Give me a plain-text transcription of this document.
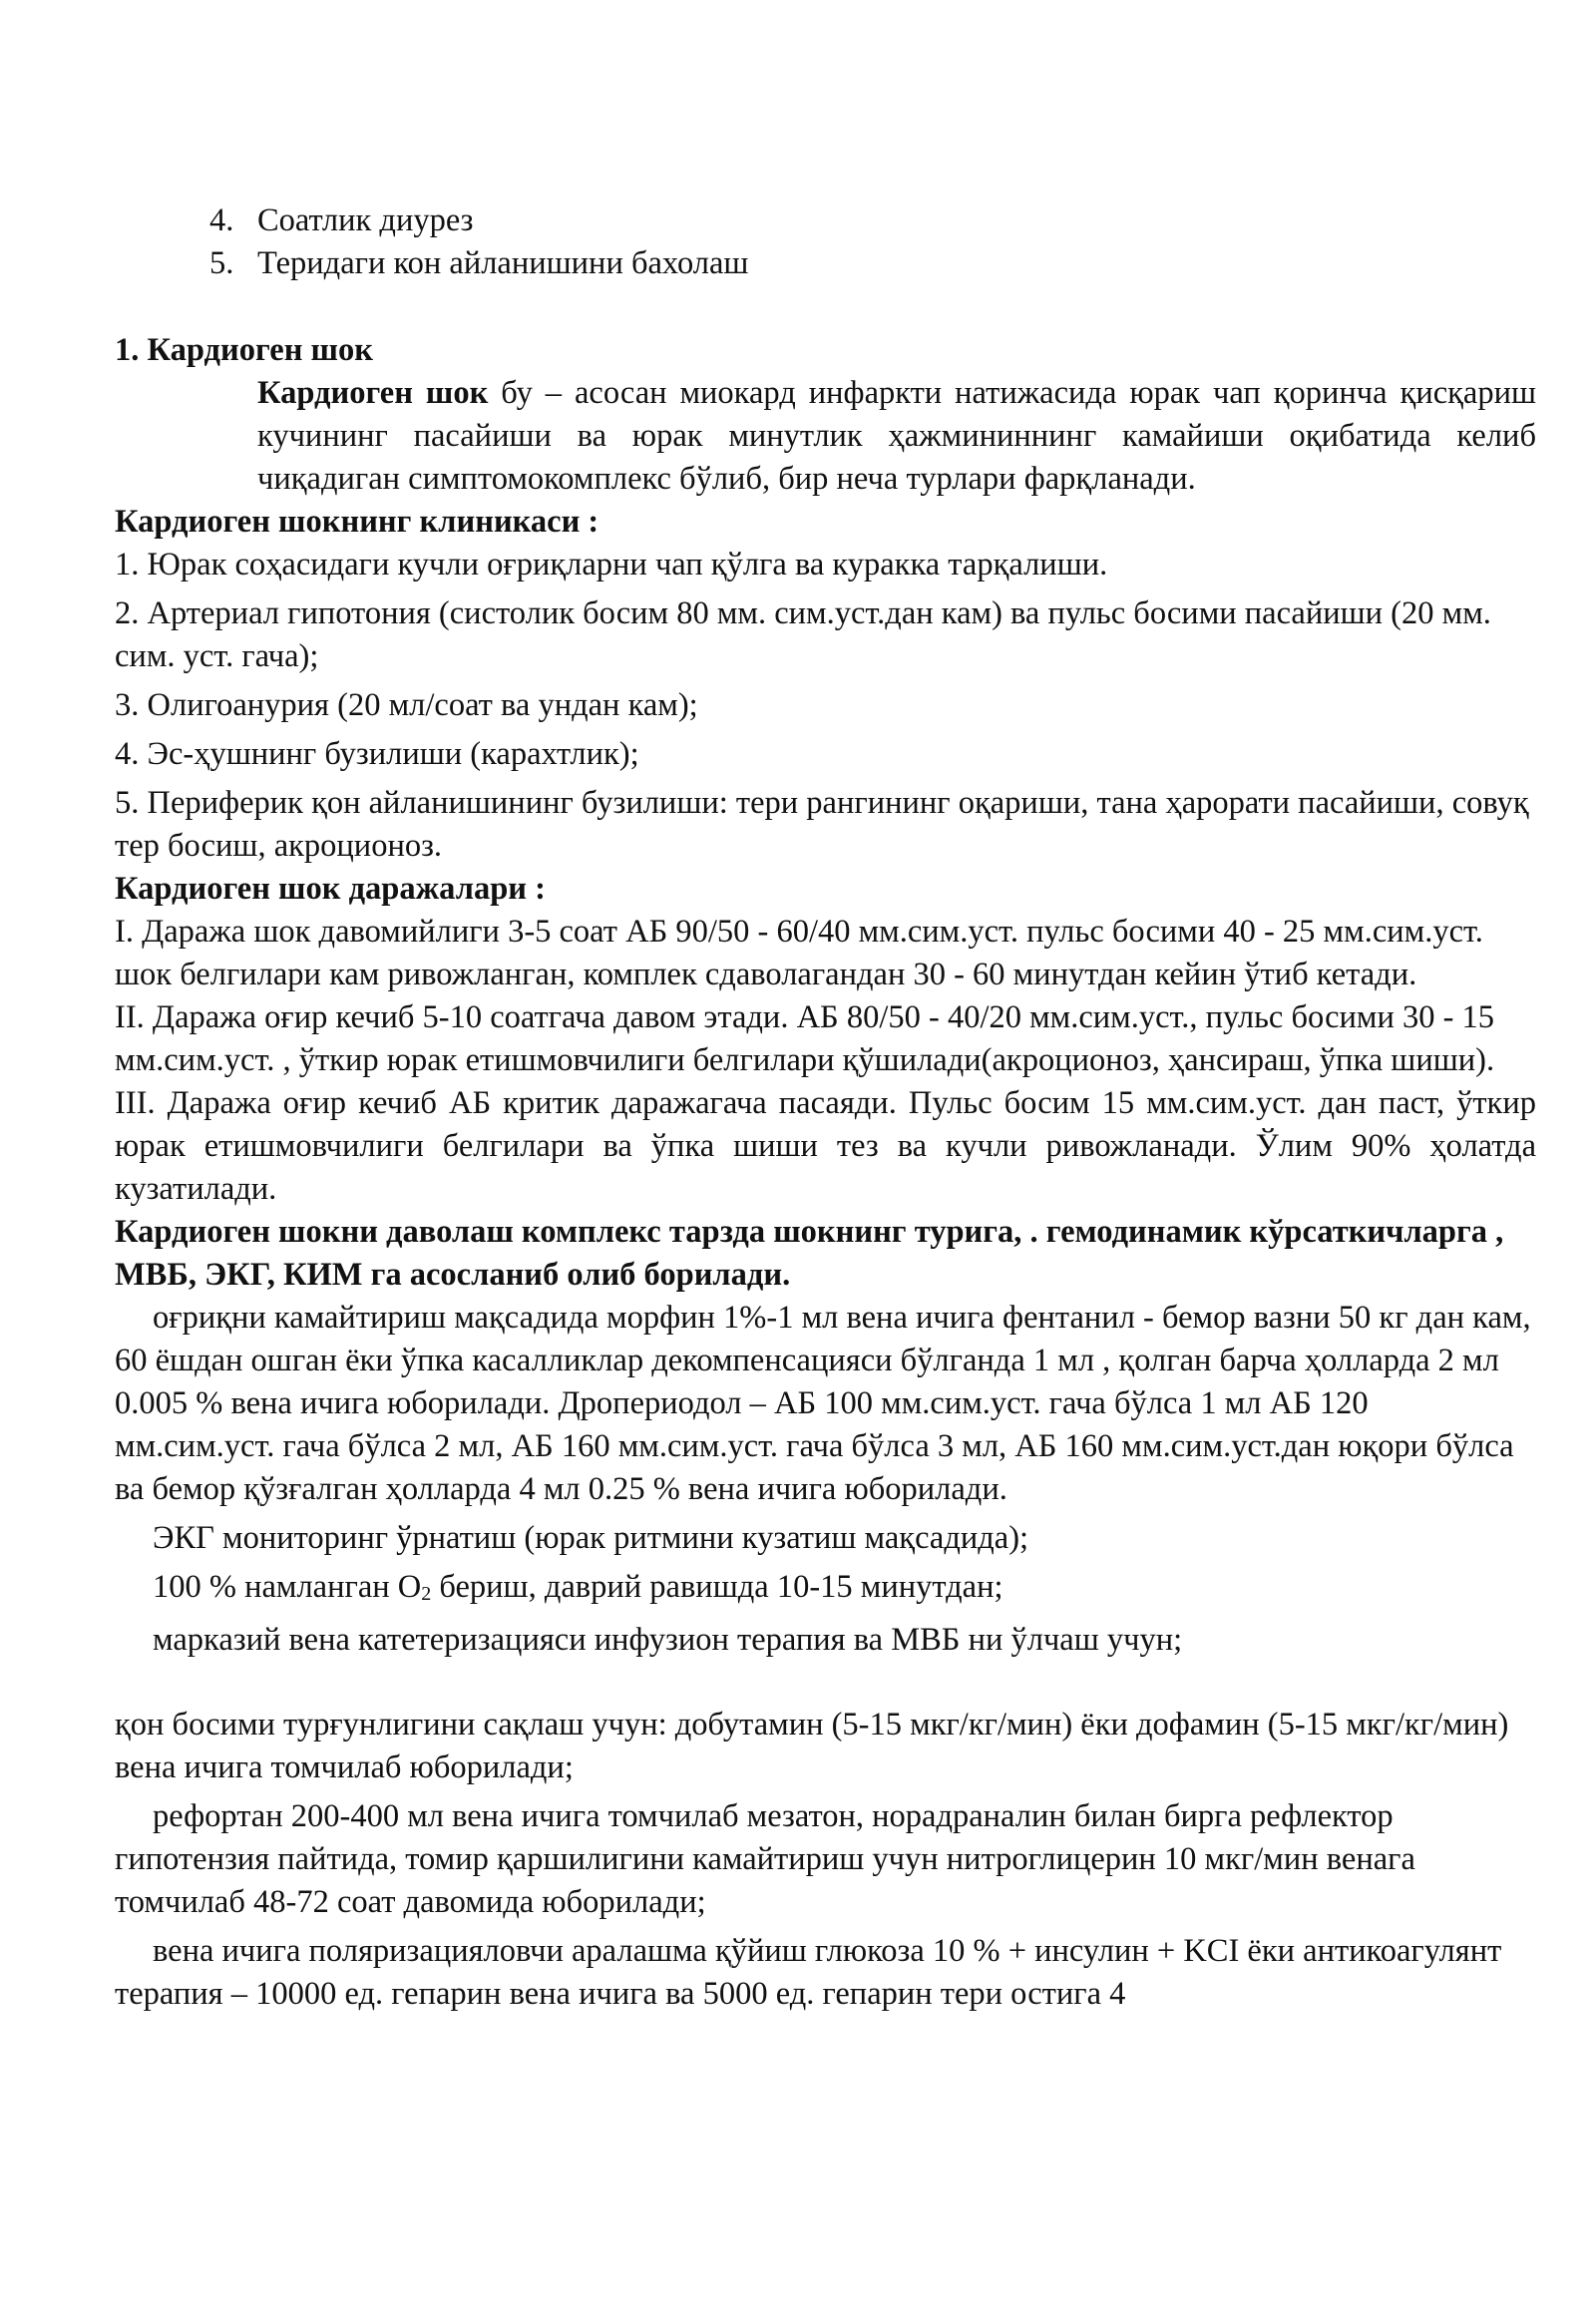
4. Соатлик диурез
5. Теридаги кон айланишини бахолаш
1. Кардиоген шок
Кардиоген шок бу – асосан миокард инфаркти натижасида юрак чап қоринча қисқариш кучининг пасайиши ва юрак минутлик ҳажмининнинг камайиши оқибатида келиб чиқадиган симптомокомплекс бўлиб, бир неча турлари фарқланади.
Кардиоген шокнинг клиникаси :

1. Юрак соҳасидаги кучли оғриқларни чап қўлга ва куракка тарқалиши.

2. Артериал гипотония (систолик босим 80 мм. сим.уст.дан кам) ва пульс босими пасайиши (20 мм. сим. уст. гача);

3. Олигоанурия (20 мл/соат ва ундан кам);

4. Эс-ҳушнинг бузилиши (карахтлик);

5. Периферик қон айланишининг бузилиши: тери рангининг оқариши, тана ҳарорати пасайиши, совуқ тер босиш, акроционоз.

Кардиоген шок даражалари :

I. Даража шок давомийлиги 3-5 соат АБ 90/50 - 60/40 мм.сим.уст. пульс босими 40 - 25 мм.сим.уст. шок белгилари кам ривожланган, комплек сдаволагандан 30 - 60 минутдан кейин ўтиб кетади.

II. Даража оғир кечиб 5-10 соатгача давом этади. АБ 80/50 - 40/20 мм.сим.уст., пульс босими 30 - 15 мм.сим.уст. , ўткир юрак етишмовчилиги белгилари қўшилади(акроционоз, ҳансираш, ўпка шиши).

III. Даража оғир кечиб АБ критик даражагача пасаяди. Пульс босим 15 мм.сим.уст. дан паст, ўткир юрак етишмовчилиги белгилари ва ўпка шиши тез ва кучли ривожланади. Ўлим 90% ҳолатда кузатилади.

Кардиоген шокни даволаш комплекс тарзда шокнинг турига, . гемодинамик кўрсаткичларга , МВБ, ЭКГ, КИМ га асосланиб олиб борилади.

оғриқни камайтириш мақсадида морфин 1%-1 мл вена ичига фентанил - бемор вазни 50 кг дан кам, 60 ёшдан ошган ёки ўпка касалликлар декомпенсацияси бўлганда 1 мл , қолган барча ҳолларда 2 мл 0.005 % вена ичига юборилади. Дропериодол – АБ 100 мм.сим.уст. гача бўлса 1 мл АБ 120 мм.сим.уст. гача бўлса 2 мл, АБ 160 мм.сим.уст. гача бўлса 3 мл, АБ 160 мм.сим.уст.дан юқори бўлса ва бемор қўзғалган ҳолларда 4 мл 0.25 % вена ичига юборилади.

ЭКГ мониторинг ўрнатиш (юрак ритмини кузатиш мақсадида);

100 % намланган О2 бериш, даврий равишда 10-15 минутдан;

марказий вена катетеризацияси инфузион терапия ва МВБ ни ўлчаш учун;

қон босими турғунлигини сақлаш учун: добутамин (5-15 мкг/кг/мин) ёки дофамин (5-15 мкг/кг/мин) вена ичига томчилаб юборилади;

рефортан 200-400 мл вена ичига томчилаб мезатон, норадраналин билан бирга рефлектор гипотензия пайтида, томир қаршилигини камайтириш учун нитроглицерин 10 мкг/мин венага томчилаб 48-72 соат давомида юборилади;

вена ичига поляризацияловчи аралашма қўйиш глюкоза 10 % + инсулин + KCI ёки антикоагулянт терапия – 10000 ед. гепарин вена ичига ва 5000 ед. гепарин тери остига 4
